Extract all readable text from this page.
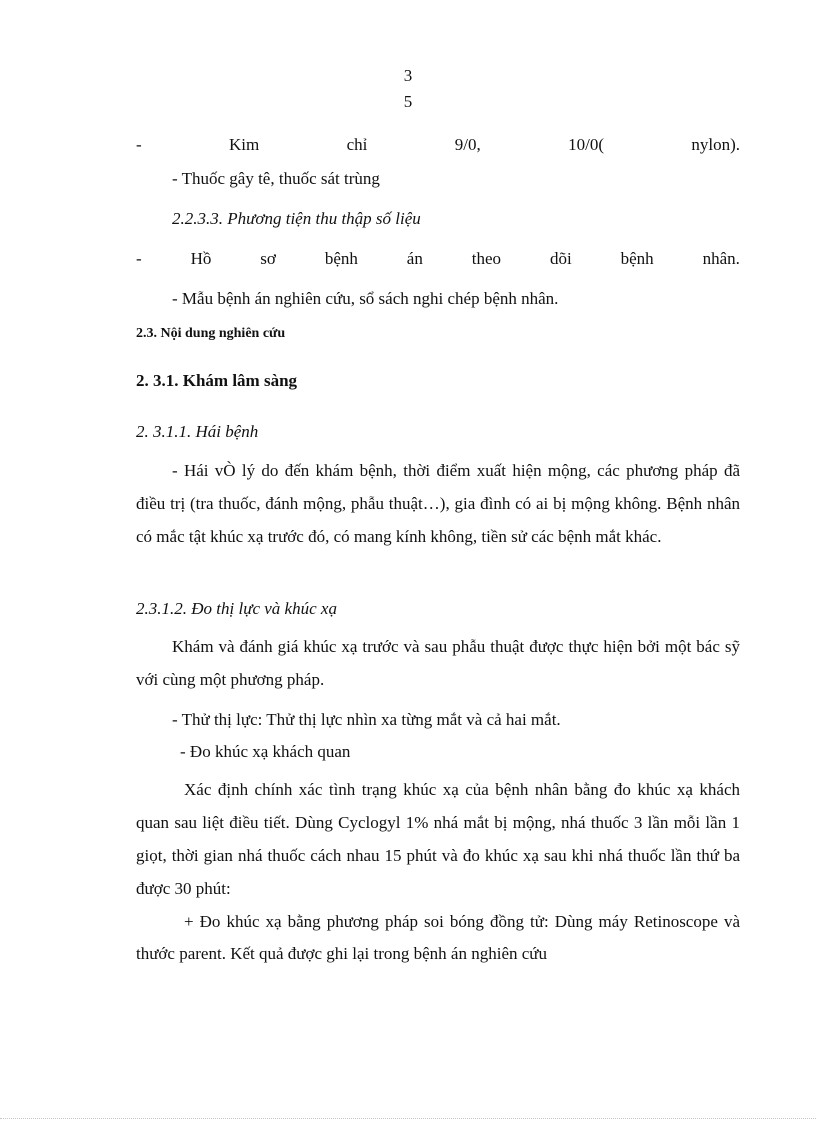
3
5
-	Kim	chỉ	9/0,	10/0(	nylon).
- Thuốc gây tê, thuốc sát trùng
2.2.3.3. Phương tiện thu thập số liệu
-	Hồ	sơ	bệnh	án	theo	dõi	bệnh	nhân.
- Mẫu bệnh án nghiên cứu, sổ sách nghi chép bệnh nhân.
2.3. Nội dung nghiên cứu
2. 3.1. Khám lâm sàng
2. 3.1.1. Hái bệnh
- Hái vÒ lý do đến khám bệnh, thời điểm xuất hiện mộng, các phương pháp đã điều trị (tra thuốc, đánh mộng, phẫu thuật…), gia đình có ai bị mộng không. Bệnh nhân có mắc tật khúc xạ trước đó, có mang kính không, tiền sử các bệnh mắt khác.
2.3.1.2. Đo thị lực và khúc xạ
Khám và đánh giá khúc xạ trước và sau phẫu thuật được thực hiện bởi một bác sỹ với cùng một phương pháp.
- Thử thị lực: Thử thị lực nhìn xa từng mắt và cả hai mắt.
- Đo khúc xạ khách quan
Xác định chính xác tình trạng khúc xạ của bệnh nhân bằng đo khúc xạ khách quan sau liệt điều tiết. Dùng Cyclogyl 1% nhá mắt bị mộng, nhá thuốc 3 lần mỗi lần 1 giọt, thời gian nhá thuốc cách nhau 15 phút và đo khúc xạ sau khi nhá thuốc lần thứ ba được 30 phút:
+ Đo khúc xạ bằng phương pháp soi bóng đồng tử: Dùng máy Retinoscope và thước parent. Kết quả được ghi lại trong bệnh án nghiên cứu
